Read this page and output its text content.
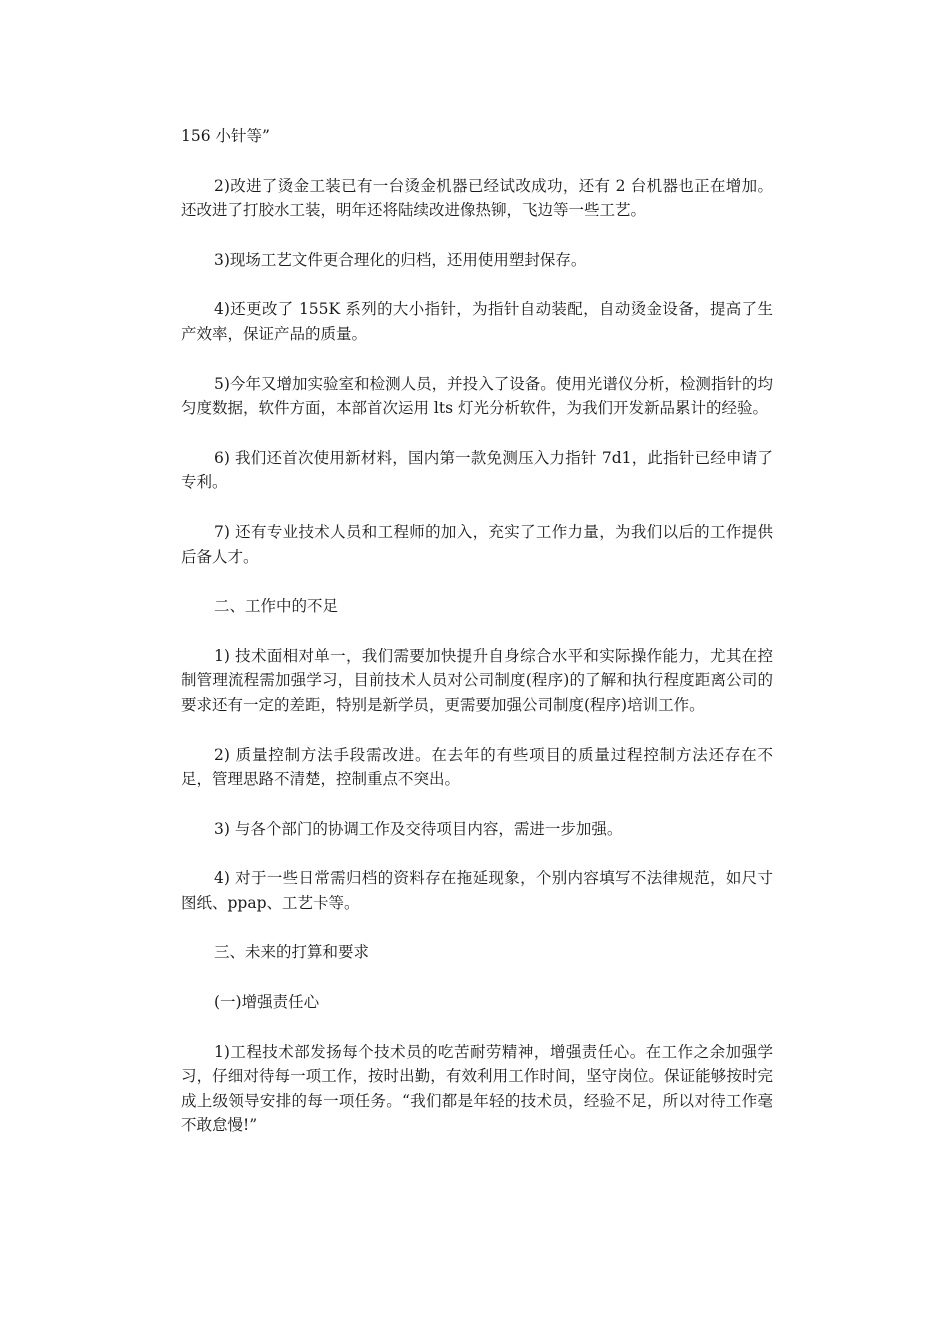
156 小针等”

2)改进了烫金工装已有一台烫金机器已经试改成功，还有 2 台机器也正在增加。还改进了打胶水工装，明年还将陆续改进像热铆，飞边等一些工艺。

3)现场工艺文件更合理化的归档，还用使用塑封保存。

4)还更改了 155K 系列的大小指针，为指针自动装配，自动烫金设备，提高了生产效率，保证产品的质量。

5)今年又增加实验室和检测人员，并投入了设备。使用光谱仪分析，检测指针的均匀度数据，软件方面，本部首次运用 lts 灯光分析软件，为我们开发新品累计的经验。

6) 我们还首次使用新材料，国内第一款免测压入力指针 7d1，此指针已经申请了专利。

7) 还有专业技术人员和工程师的加入，充实了工作力量，为我们以后的工作提供后备人才。

二、工作中的不足

1) 技术面相对单一，我们需要加快提升自身综合水平和实际操作能力，尤其在控制管理流程需加强学习，目前技术人员对公司制度(程序)的了解和执行程度距离公司的要求还有一定的差距，特别是新学员，更需要加强公司制度(程序)培训工作。

2) 质量控制方法手段需改进。在去年的有些项目的质量过程控制方法还存在不足，管理思路不清楚，控制重点不突出。

3) 与各个部门的协调工作及交待项目内容，需进一步加强。

4) 对于一些日常需归档的资料存在拖延现象，个别内容填写不法律规范，如尺寸图纸、ppap、工艺卡等。

三、未来的打算和要求

(一)增强责任心

1)工程技术部发扬每个技术员的吃苦耐劳精神，增强责任心。在工作之余加强学习，仔细对待每一项工作，按时出勤，有效利用工作时间，坚守岗位。保证能够按时完成上级领导安排的每一项任务。“我们都是年轻的技术员，经验不足，所以对待工作毫不敢怠慢!”
